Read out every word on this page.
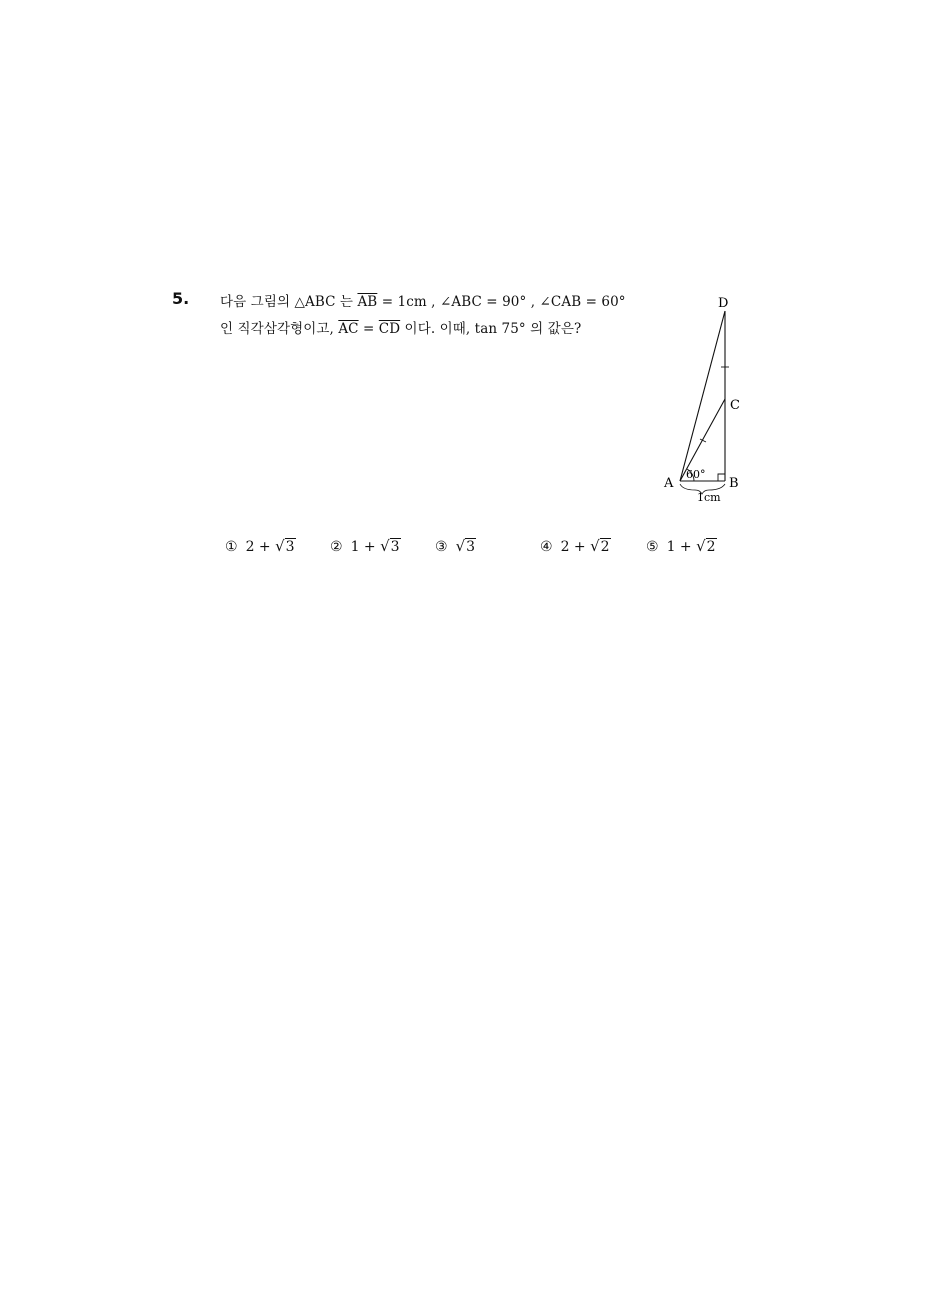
5. 다음 그림의 △ABC 는 $\overline{AB} = 1cm$ , ∠ABC = 90° , ∠CAB = 60°
인 직각삼각형이고, $\overline{AC} = \overline{CD}$ 이다. 이때, tan 75° 의 값은?
D
C
A	B
60°
1cm
① 2 + √3	② 1 + √3	③ √3	④ 2 + √2	⑤ 1 + √2
